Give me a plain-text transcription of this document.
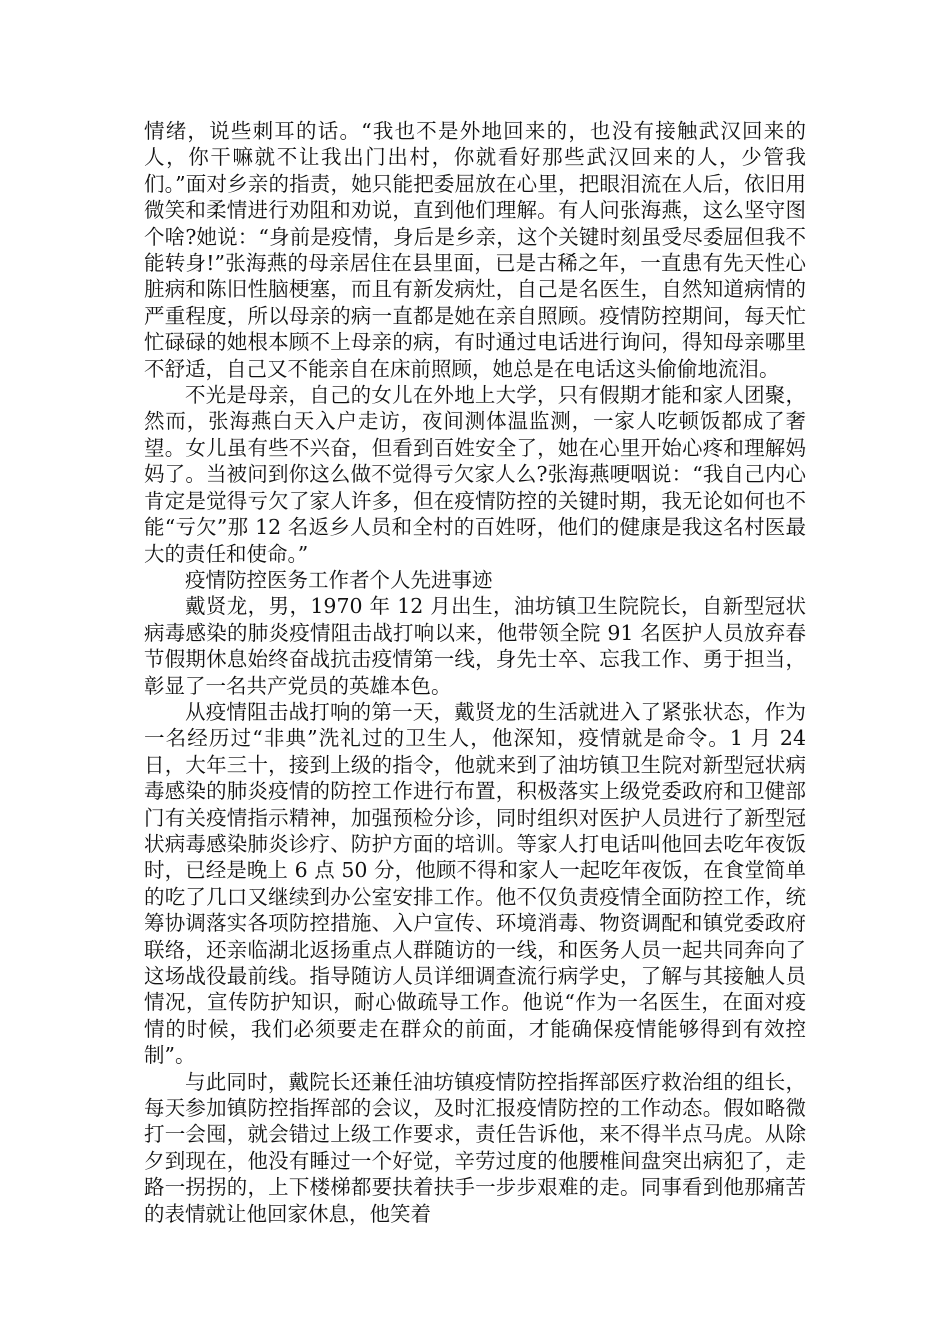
情绪，说些刺耳的话。“我也不是外地回来的，也没有接触武汉回来的人，你干嘛就不让我出门出村，你就看好那些武汉回来的人，少管我们。”面对乡亲的指责，她只能把委屈放在心里，把眼泪流在人后，依旧用微笑和柔情进行劝阻和劝说，直到他们理解。有人问张海燕，这么坚守图个啥?她说：“身前是疫情，身后是乡亲，这个关键时刻虽受尽委屈但我不能转身!”张海燕的母亲居住在县里面，已是古稀之年，一直患有先天性心脏病和陈旧性脑梗塞，而且有新发病灶，自己是名医生，自然知道病情的严重程度，所以母亲的病一直都是她在亲自照顾。疫情防控期间，每天忙忙碌碌的她根本顾不上母亲的病，有时通过电话进行询问，得知母亲哪里不舒适，自己又不能亲自在床前照顾，她总是在电话这头偷偷地流泪。

不光是母亲，自己的女儿在外地上大学，只有假期才能和家人团聚，然而，张海燕白天入户走访，夜间测体温监测，一家人吃顿饭都成了奢望。女儿虽有些不兴奋，但看到百姓安全了，她在心里开始心疼和理解妈妈了。当被问到你这么做不觉得亏欠家人么?张海燕哽咽说：“我自己内心肯定是觉得亏欠了家人许多，但在疫情防控的关键时期，我无论如何也不能“亏欠”那 12 名返乡人员和全村的百姓呀，他们的健康是我这名村医最大的责任和使命。”

疫情防控医务工作者个人先进事迹

戴贤龙，男，1970 年 12 月出生，油坊镇卫生院院长，自新型冠状病毒感染的肺炎疫情阻击战打响以来，他带领全院 91 名医护人员放弃春节假期休息始终奋战抗击疫情第一线，身先士卒、忘我工作、勇于担当，彰显了一名共产党员的英雄本色。

从疫情阻击战打响的第一天，戴贤龙的生活就进入了紧张状态，作为一名经历过“非典”洗礼过的卫生人，他深知，疫情就是命令。1 月 24 日，大年三十，接到上级的指令，他就来到了油坊镇卫生院对新型冠状病毒感染的肺炎疫情的防控工作进行布置，积极落实上级党委政府和卫健部门有关疫情指示精神，加强预检分诊，同时组织对医护人员进行了新型冠状病毒感染肺炎诊疗、防护方面的培训。等家人打电话叫他回去吃年夜饭时，已经是晚上 6 点 50 分，他顾不得和家人一起吃年夜饭，在食堂简单的吃了几口又继续到办公室安排工作。他不仅负责疫情全面防控工作，统筹协调落实各项防控措施、入户宣传、环境消毒、物资调配和镇党委政府联络，还亲临湖北返扬重点人群随访的一线，和医务人员一起共同奔向了这场战役最前线。指导随访人员详细调查流行病学史，了解与其接触人员情况，宣传防护知识，耐心做疏导工作。他说“作为一名医生，在面对疫情的时候，我们必须要走在群众的前面，才能确保疫情能够得到有效控制”。

与此同时，戴院长还兼任油坊镇疫情防控指挥部医疗救治组的组长，每天参加镇防控指挥部的会议，及时汇报疫情防控的工作动态。假如略微打一会囤，就会错过上级工作要求，责任告诉他，来不得半点马虎。从除夕到现在，他没有睡过一个好觉，辛劳过度的他腰椎间盘突出病犯了，走路一拐拐的，上下楼梯都要扶着扶手一步步艰难的走。同事看到他那痛苦的表情就让他回家休息，他笑着
